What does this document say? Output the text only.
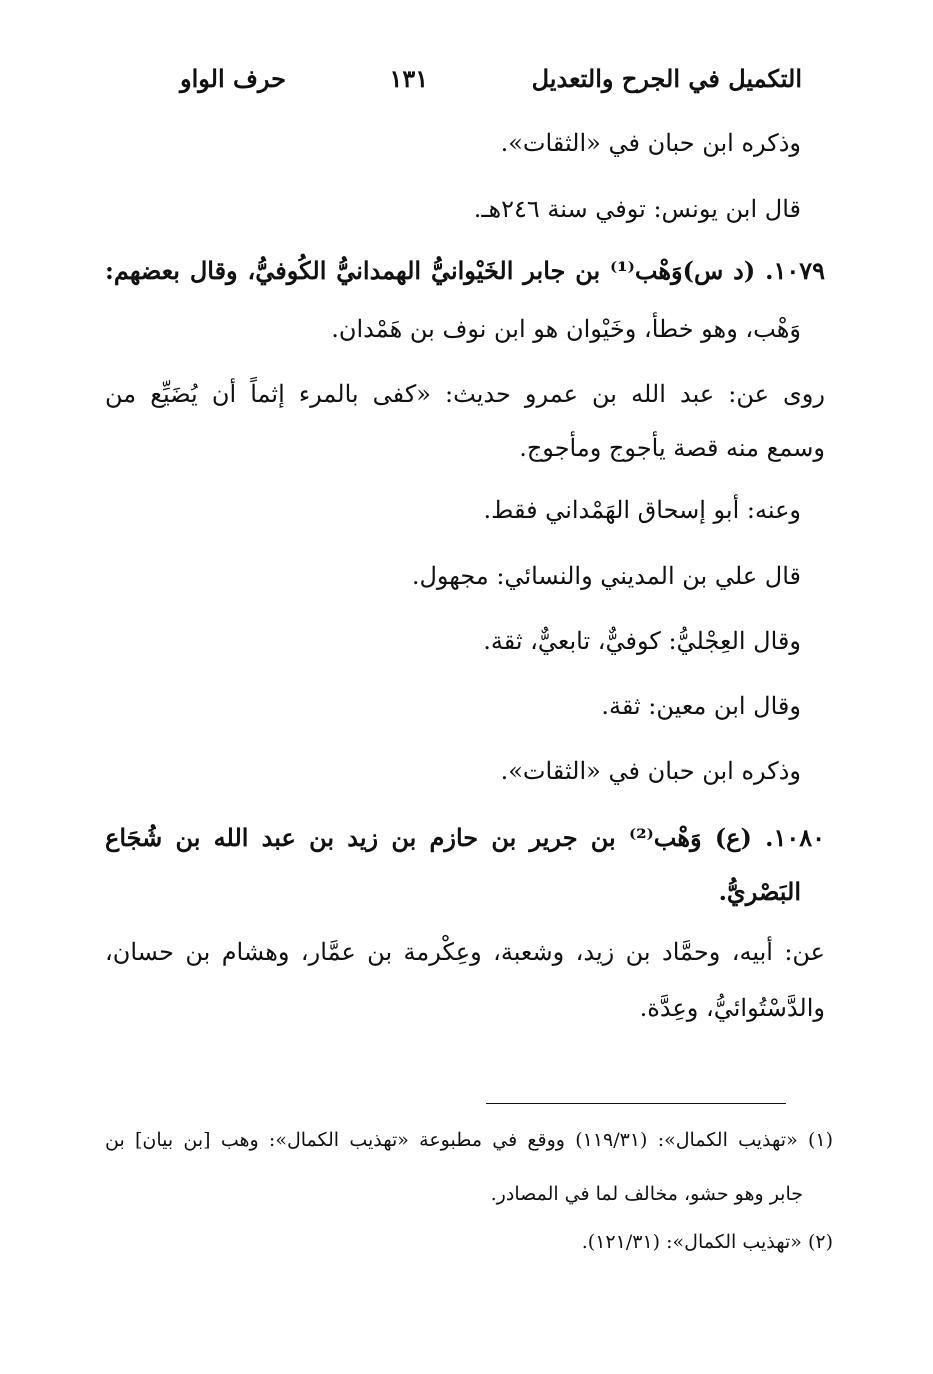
التكميل في الجرح والتعديل
١٣١
حرف الواو
وذكره ابن حبان في «الثقات».
قال ابن يونس: توفي سنة ٢٤٦هـ.
١٠٧٩. (د س)وَهْب⁽¹⁾ بن جابر الخَيْوانيُّ الهمدانيُّ الكُوفيُّ، وقال بعضهم:
وَهْب، وهو خطأ، وخَيْوان هو ابن نوف بن هَمْدان.
روى عن: عبد الله بن عمرو حديث: «كفى بالمرء إثماً أن يُضَيِّع من
وسمع منه قصة يأجوج ومأجوج.
وعنه: أبو إسحاق الهَمْداني فقط.
قال علي بن المديني والنسائي: مجهول.
وقال العِجْليُّ: كوفيٌّ، تابعيٌّ، ثقة.
وقال ابن معين: ثقة.
وذكره ابن حبان في «الثقات».
١٠٨٠. (ع) وَهْب⁽²⁾ بن جرير بن حازم بن زيد بن عبد الله بن شُجَاع
البَصْريُّ.
عن: أبيه، وحمَّاد بن زيد، وشعبة، وعِكْرمة بن عمَّار، وهشام بن حسان،
والدَّسْتُوائيُّ، وعِدَّة.
(١) «تهذيب الكمال»: (١١٩/٣١) ووقع في مطبوعة «تهذيب الكمال»: وهب [بن بيان] بن
جابر وهو حشو، مخالف لما في المصادر.
(٢) «تهذيب الكمال»: (١٢١/٣١).
